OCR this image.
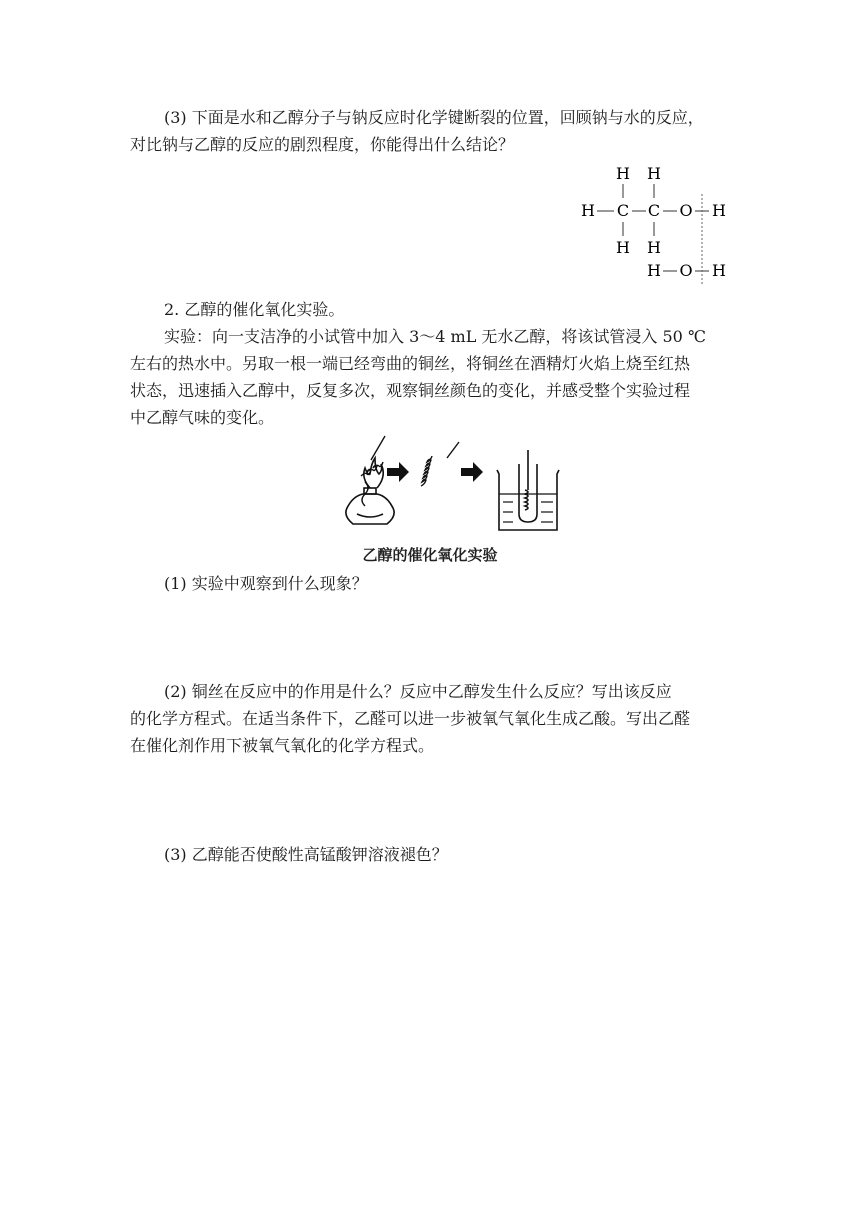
(3) 下面是水和乙醇分子与钠反应时化学键断裂的位置，回顾钠与水的反应，

对比钠与乙醇的反应的剧烈程度，你能得出什么结论？

H H
H C C O H
H H
H O H

2. 乙醇的催化氧化实验。

实验：向一支洁净的小试管中加入 3～4 mL 无水乙醇，将该试管浸入 50 ℃

左右的热水中。另取一根一端已经弯曲的铜丝，将铜丝在酒精灯火焰上烧至红热

状态，迅速插入乙醇中，反复多次，观察铜丝颜色的变化，并感受整个实验过程

中乙醇气味的变化。

乙醇的催化氧化实验

(1) 实验中观察到什么现象？

(2) 铜丝在反应中的作用是什么？反应中乙醇发生什么反应？写出该反应

的化学方程式。在适当条件下，乙醛可以进一步被氧气氧化生成乙酸。写出乙醛

在催化剂作用下被氧气氧化的化学方程式。

(3) 乙醇能否使酸性高锰酸钾溶液褪色？
